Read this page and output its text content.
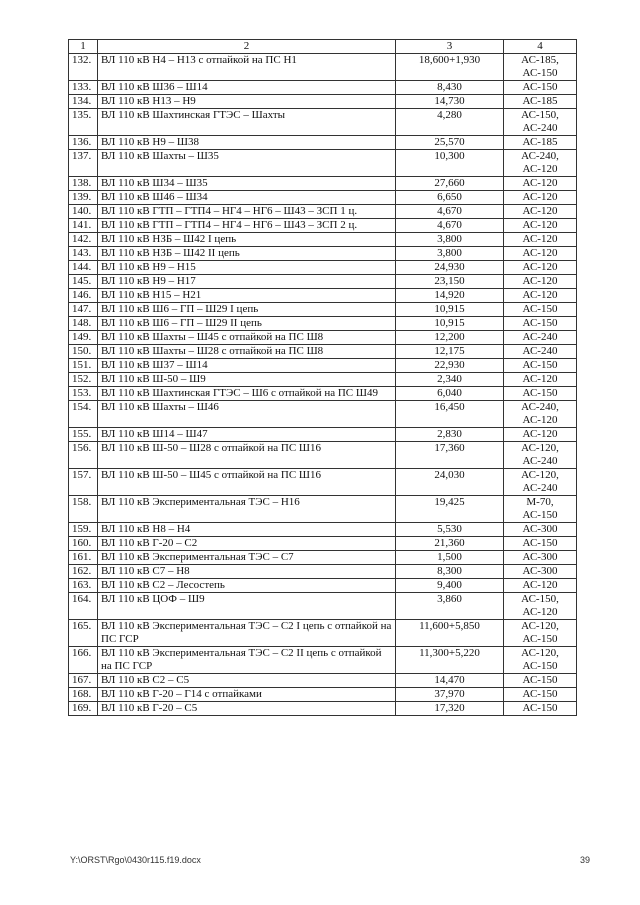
1	2	3	4
132.	ВЛ 110 кВ Н4 – Н13 с отпайкой на ПС Н1	18,600+1,930	АС-185,
АС-150

133.	ВЛ 110 кВ Ш36 – Ш14	8,430	АС-150

134.	ВЛ 110 кВ Н13 – Н9	14,730	АС-185

135.	ВЛ 110 кВ Шахтинская ГТЭС – Шахты	4,280	АС-150,
АС-240

136.	ВЛ 110 кВ Н9 – Ш38	25,570	АС-185

137.	ВЛ 110 кВ Шахты – Ш35	10,300	АС-240,
АС-120

138.	ВЛ 110 кВ Ш34 – Ш35	27,660	АС-120

139.	ВЛ 110 кВ Ш46 – Ш34	6,650	АС-120

140.	ВЛ 110 кВ ГТП – ГТП4 – НГ4 – НГ6 – Ш43 – ЗСП 1 ц.	4,670	АС-120

141.	ВЛ 110 кВ ГТП – ГТП4 – НГ4 – НГ6 – Ш43 – ЗСП 2 ц.	4,670	АС-120

142.	ВЛ 110 кВ НЗБ – Ш42 I цепь	3,800	АС-120

143.	ВЛ 110 кВ НЗБ – Ш42 II цепь	3,800	АС-120

144.	ВЛ 110 кВ Н9 – Н15	24,930	АС-120

145.	ВЛ 110 кВ Н9 – Н17	23,150	АС-120

146.	ВЛ 110 кВ Н15 – Н21	14,920	АС-120

147.	ВЛ 110 кВ Ш6 – ГП – Ш29 I цепь	10,915	АС-150

148.	ВЛ 110 кВ Ш6 – ГП – Ш29 II цепь	10,915	АС-150

149.	ВЛ 110 кВ Шахты – Ш45 с отпайкой на ПС Ш8	12,200	АС-240

150.	ВЛ 110 кВ Шахты – Ш28 с отпайкой на ПС Ш8	12,175	АС-240

151.	ВЛ 110 кВ Ш37 – Ш14	22,930	АС-150

152.	ВЛ 110 кВ Ш-50 – Ш9	2,340	АС-120

153.	ВЛ 110 кВ Шахтинская ГТЭС – Ш6 с отпайкой на ПС Ш49	6,040	АС-150

154.	ВЛ 110 кВ Шахты – Ш46	16,450	АС-240,
АС-120

155.	ВЛ 110 кВ Ш14 – Ш47	2,830	АС-120

156.	ВЛ 110 кВ Ш-50 – Ш28 с отпайкой на ПС Ш16	17,360	АС-120,
АС-240

157.	ВЛ 110 кВ Ш-50 – Ш45 с отпайкой на ПС Ш16	24,030	АС-120,
АС-240

158.	ВЛ 110 кВ Экспериментальная ТЭС – Н16	19,425	М-70,
АС-150

159.	ВЛ 110 кВ Н8 – Н4	5,530	АС-300

160.	ВЛ 110 кВ Г-20 – С2	21,360	АС-150

161.	ВЛ 110 кВ Экспериментальная ТЭС – С7	1,500	АС-300

162.	ВЛ 110 кВ С7 – Н8	8,300	АС-300

163.	ВЛ 110 кВ С2 – Лесостепь	9,400	АС-120

164.	ВЛ 110 кВ ЦОФ – Ш9	3,860	АС-150,
АС-120

165.	ВЛ 110 кВ Экспериментальная ТЭС – С2 I цепь с отпайкой на ПС ГСР	11,600+5,850	АС-120,
АС-150

166.	ВЛ 110 кВ Экспериментальная ТЭС – С2 II цепь с отпайкой на ПС ГСР	11,300+5,220	АС-120,
АС-150

167.	ВЛ 110 кВ С2 – С5	14,470	АС-150

168.	ВЛ 110 кВ Г-20 – Г14 с отпайками	37,970	АС-150

169.	ВЛ 110 кВ Г-20 – С5	17,320	АС-150
Y:\ORST\Rgo\0430r115.f19.docx	39
